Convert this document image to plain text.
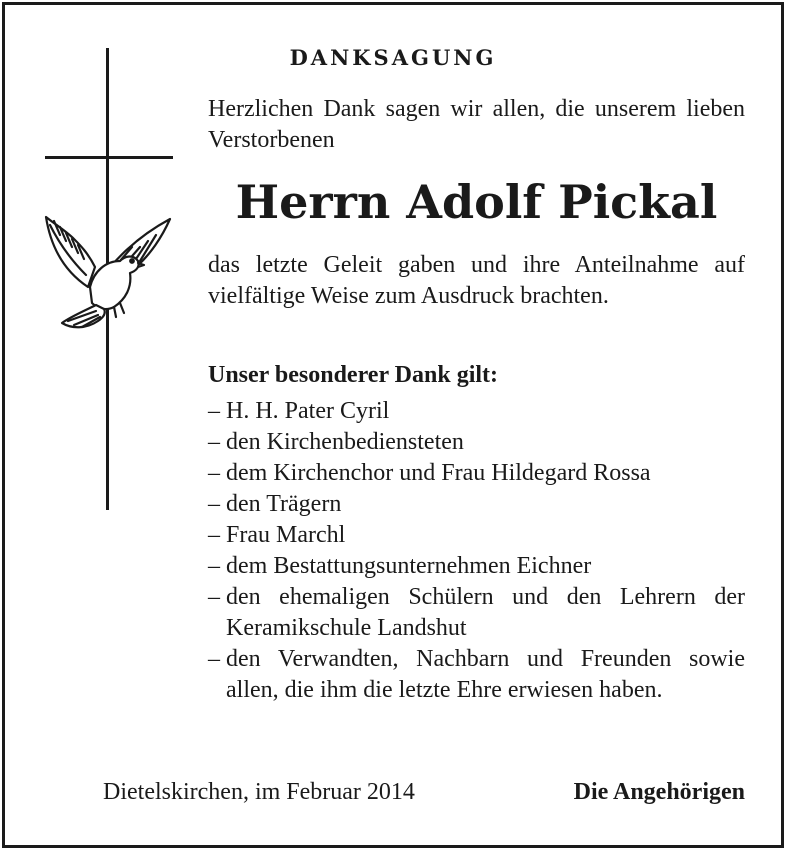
DANKSAGUNG
Herzlichen Dank sagen wir allen, die unserem lieben Verstorbenen
Herrn Adolf Pickal
das letzte Geleit gaben und ihre Anteilnahme auf vielfältige Weise zum Ausdruck brachten.
Unser besonderer Dank gilt:
– H. H. Pater Cyril
– den Kirchenbediensteten
– dem Kirchenchor und Frau Hildegard Rossa
– den Trägern
– Frau Marchl
– dem Bestattungsunternehmen Eichner
– den ehemaligen Schülern und den Lehrern der Keramikschule Landshut
– den Verwandten, Nachbarn und Freunden sowie allen, die ihm die letzte Ehre erwiesen haben.
Dietelskirchen, im Februar 2014	Die Angehörigen
